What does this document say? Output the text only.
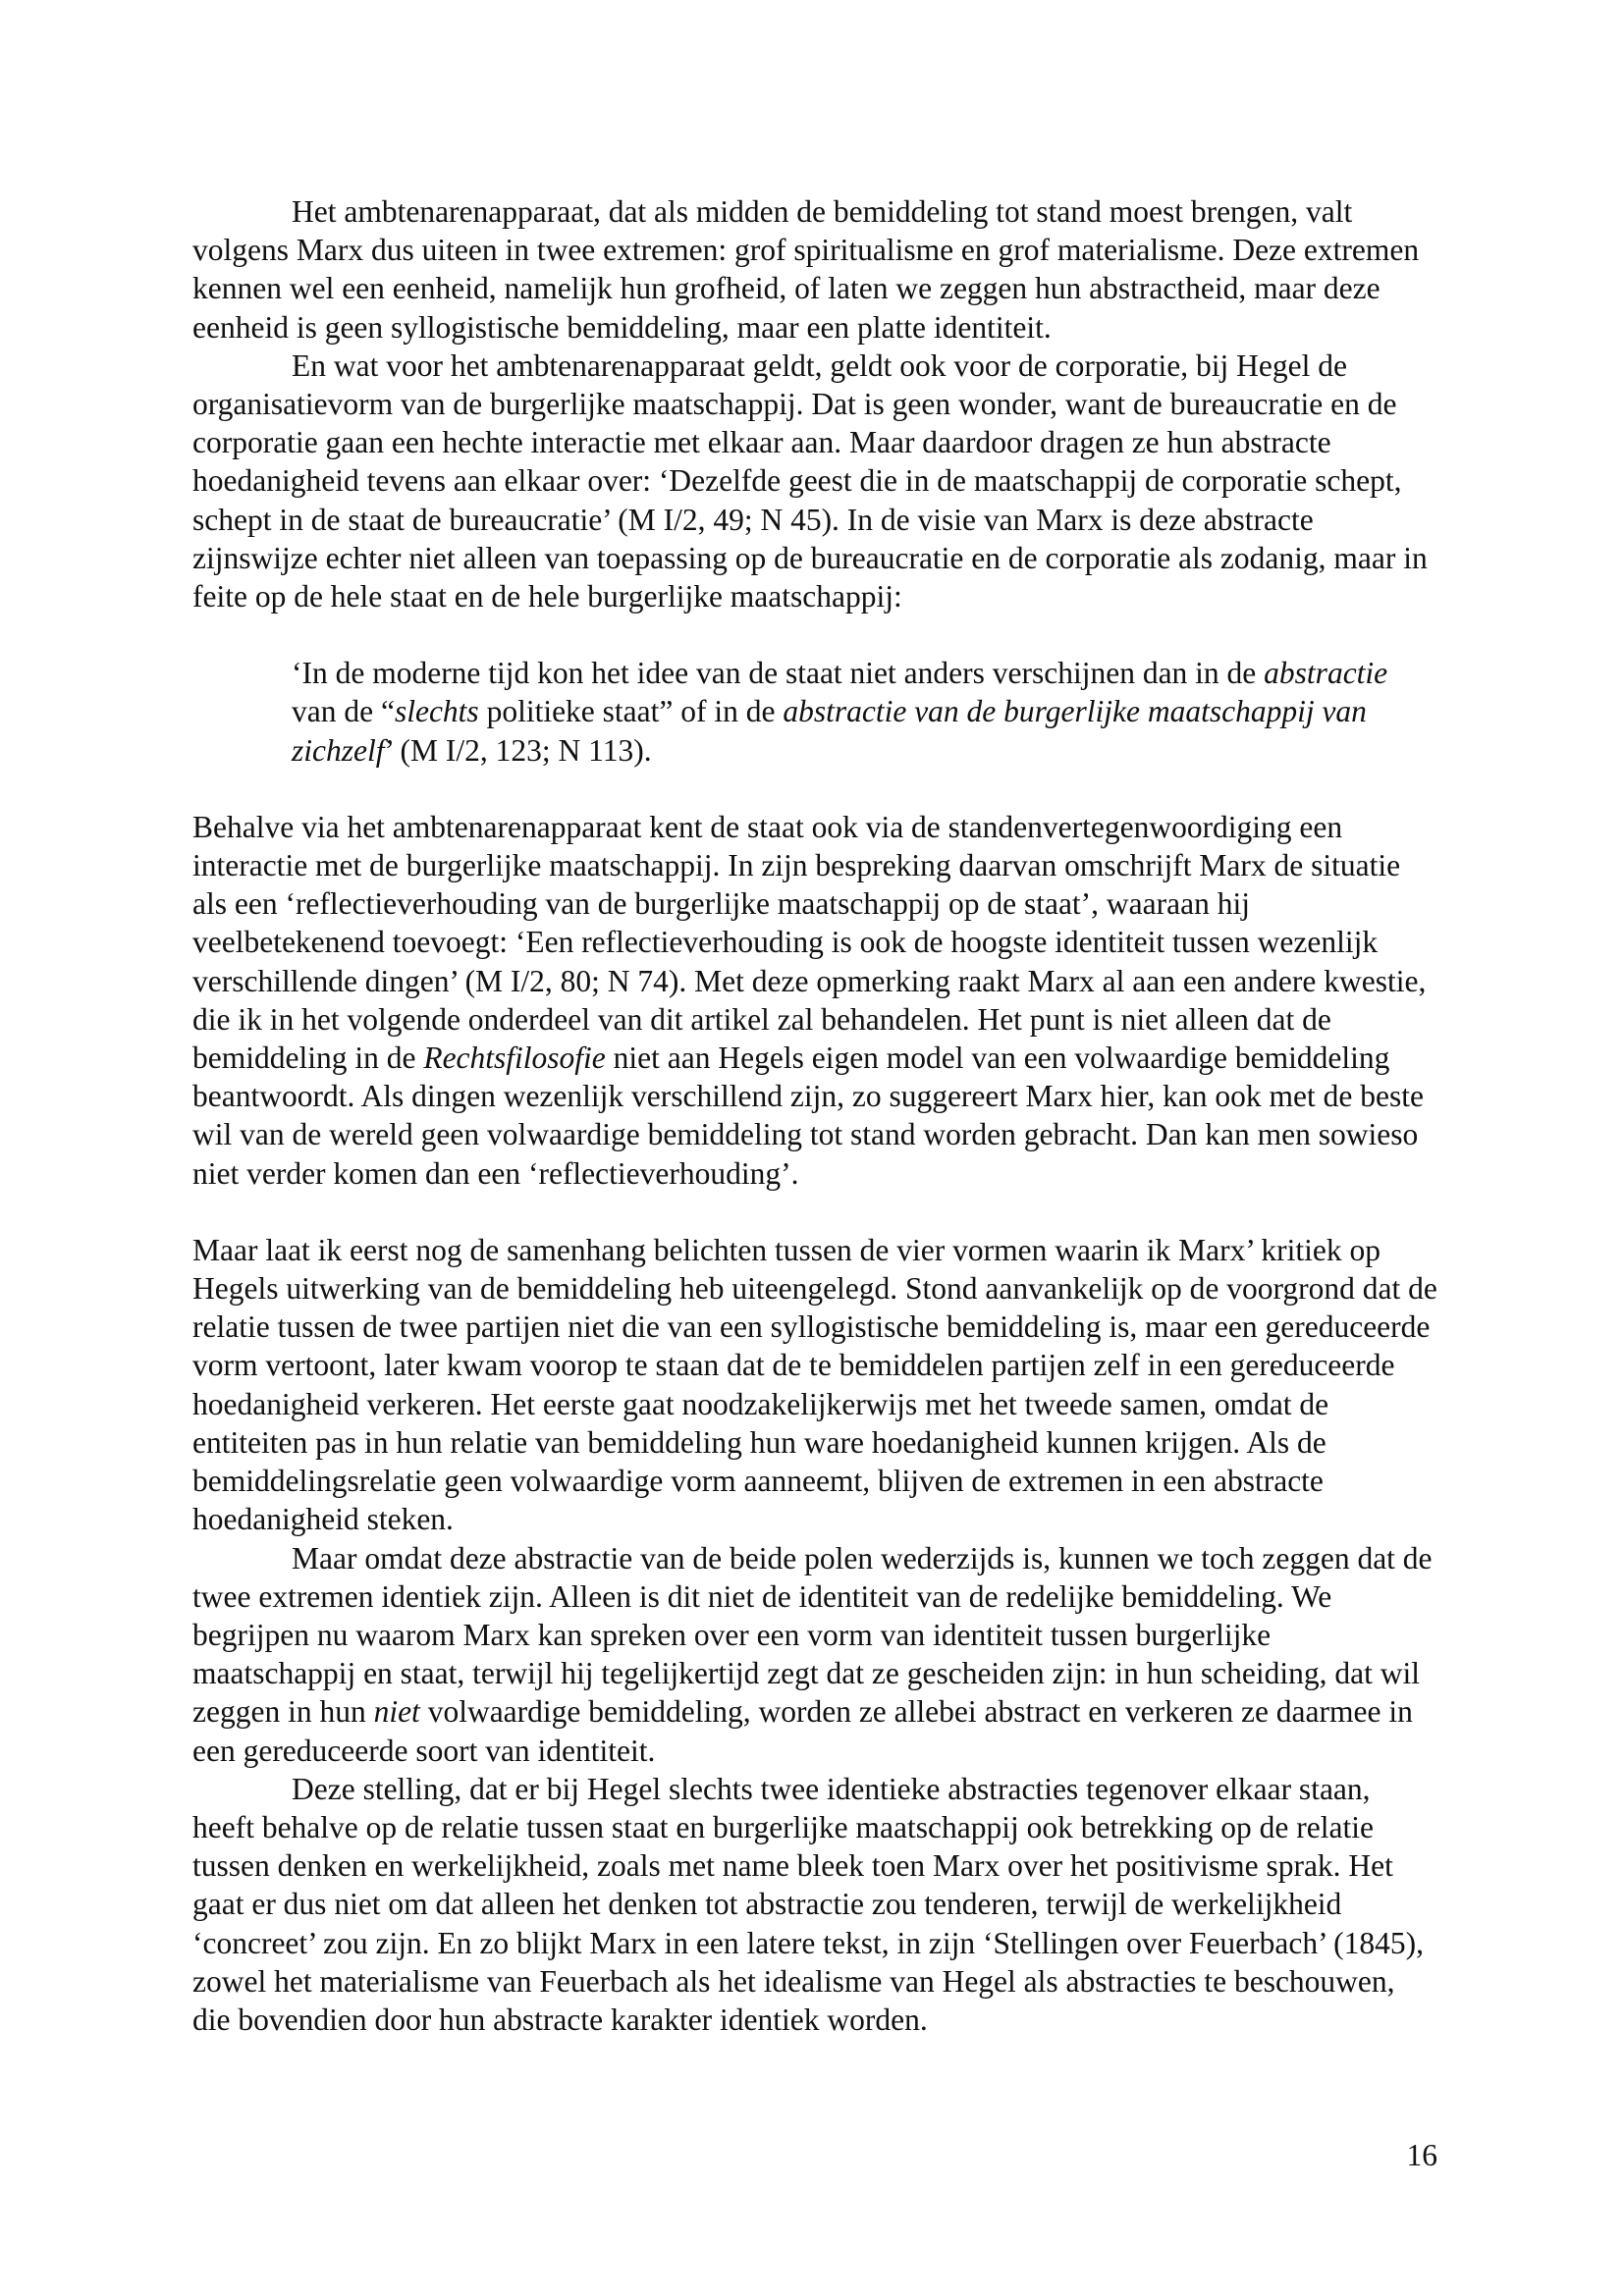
Het ambtenarenapparaat, dat als midden de bemiddeling tot stand moest brengen, valt volgens Marx dus uiteen in twee extremen: grof spiritualisme en grof materialisme. Deze extremen kennen wel een eenheid, namelijk hun grofheid, of laten we zeggen hun abstractheid, maar deze eenheid is geen syllogistische bemiddeling, maar een platte identiteit.

En wat voor het ambtenarenapparaat geldt, geldt ook voor de corporatie, bij Hegel de organisatievorm van de burgerlijke maatschappij. Dat is geen wonder, want de bureaucratie en de corporatie gaan een hechte interactie met elkaar aan. Maar daardoor dragen ze hun abstracte hoedanigheid tevens aan elkaar over: ‘Dezelfde geest die in de maatschappij de corporatie schept, schept in de staat de bureaucratie’ (M I/2, 49; N 45). In de visie van Marx is deze abstracte zijnswijze echter niet alleen van toepassing op de bureaucratie en de corporatie als zodanig, maar in feite op de hele staat en de hele burgerlijke maatschappij:

‘In de moderne tijd kon het idee van de staat niet anders verschijnen dan in de abstractie van de “slechts politieke staat” of in de abstractie van de burgerlijke maatschappij van zichzelf’ (M I/2, 123; N 113).

Behalve via het ambtenarenapparaat kent de staat ook via de standenvertegenwoordiging een interactie met de burgerlijke maatschappij. In zijn bespreking daarvan omschrijft Marx de situatie als een ‘reflectieverhouding van de burgerlijke maatschappij op de staat’, waaraan hij veelbetekenend toevoegt: ‘Een reflectieverhouding is ook de hoogste identiteit tussen wezenlijk verschillende dingen’ (M I/2, 80; N 74). Met deze opmerking raakt Marx al aan een andere kwestie, die ik in het volgende onderdeel van dit artikel zal behandelen. Het punt is niet alleen dat de bemiddeling in de Rechtsfilosofie niet aan Hegels eigen model van een volwaardige bemiddeling beantwoordt. Als dingen wezenlijk verschillend zijn, zo suggereert Marx hier, kan ook met de beste wil van de wereld geen volwaardige bemiddeling tot stand worden gebracht. Dan kan men sowieso niet verder komen dan een ‘reflectieverhouding’.

Maar laat ik eerst nog de samenhang belichten tussen de vier vormen waarin ik Marx’ kritiek op Hegels uitwerking van de bemiddeling heb uiteengelegd. Stond aanvankelijk op de voorgrond dat de relatie tussen de twee partijen niet die van een syllogistische bemiddeling is, maar een gereduceerde vorm vertoont, later kwam voorop te staan dat de te bemiddelen partijen zelf in een gereduceerde hoedanigheid verkeren. Het eerste gaat noodzakelijkerwijs met het tweede samen, omdat de entiteiten pas in hun relatie van bemiddeling hun ware hoedanigheid kunnen krijgen. Als de bemiddelingsrelatie geen volwaardige vorm aanneemt, blijven de extremen in een abstracte hoedanigheid steken.

Maar omdat deze abstractie van de beide polen wederzijds is, kunnen we toch zeggen dat de twee extremen identiek zijn. Alleen is dit niet de identiteit van de redelijke bemiddeling. We begrijpen nu waarom Marx kan spreken over een vorm van identiteit tussen burgerlijke maatschappij en staat, terwijl hij tegelijkertijd zegt dat ze gescheiden zijn: in hun scheiding, dat wil zeggen in hun niet volwaardige bemiddeling, worden ze allebei abstract en verkeren ze daarmee in een gereduceerde soort van identiteit.

Deze stelling, dat er bij Hegel slechts twee identieke abstracties tegenover elkaar staan, heeft behalve op de relatie tussen staat en burgerlijke maatschappij ook betrekking op de relatie tussen denken en werkelijkheid, zoals met name bleek toen Marx over het positivisme sprak. Het gaat er dus niet om dat alleen het denken tot abstractie zou tenderen, terwijl de werkelijkheid ‘concreet’ zou zijn. En zo blijkt Marx in een latere tekst, in zijn ‘Stellingen over Feuerbach’ (1845), zowel het materialisme van Feuerbach als het idealisme van Hegel als abstracties te beschouwen, die bovendien door hun abstracte karakter identiek worden.

16
